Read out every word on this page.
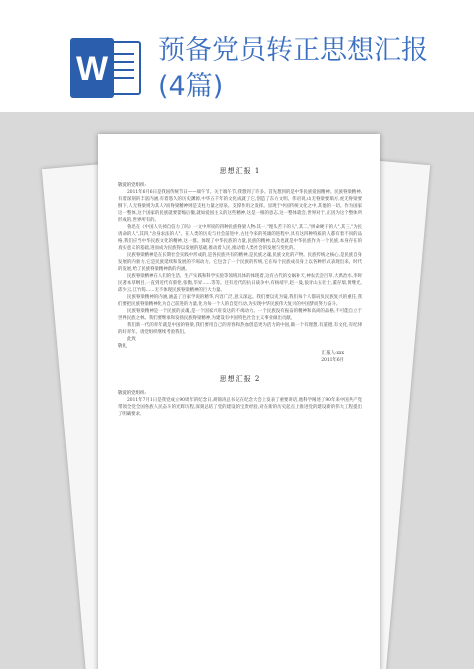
W 预备党员转正思想汇报
(4篇)
思想汇报 1
敬爱的党组织:

2011年6月6日是我国传统节日——端午节。关于端午节,我想到了许多。首先想到的是中华民族爱国精神。民族脊梁精神,有着深刻的丰富内涵,有着悠久的历史渊源,中华五千年的文化成就了它,创造了东方文明。伟语说,山无脊梁要塌方,虎无脊梁要倒下,人无脊梁则为其人?而脊梁精神则是支柱力量之原泉。支撑作用之发挥。显现于中国传统文化之中,其他的一切。作为国家这一整体,这个国家的民族就要萎缩后撤,就如爱国主义的这些精神,这是一根的意志,这一整体就会,世界对于,正因为这个整体所形成的,世界所有的。

鲁迅在《中国人失掉自信力了吗》一文中所说的四种民族脊梁人物:其一,"埋头苦干的人",其二,"拼命硬干的人",其三,"为民请命的人",其四,"舍身求法的人"。在人类的历史与社会前进中,古往今来的英雄的进程中,具有这四种特质的人都有着不同的品格,我们应当中华民族文化的精神,这一群。体现了中华民族的力量,民族的精神,以及也就是中华民族作为一个民族,本身存在的真实意义的基础,进而成为民族得以发展的基础,推动着人民,推动着人类社会的发展与变化的。

民族脊梁精神是在长期社会实践中形成的,是各民族共有的精神,是民族之魂,民族文化的产物。民族传统之核心,是民族自身发展的内驱力,它是民族延续和发展的不竭动力。它包含了一个民族的传统,它在每个民族成员身上以各种形式表现出来。时代的发展,给了民族脊梁精神新的内涵。

民族脊梁精神在人们的生活、生产实践和科学实验等领域具体的体现着,这有古代的女娲补天,神农氏尝百草,大禹治水,李时民著本草纲目,一直到近代有蔡伦,张衡,毕昇……等等。还有近代的抗日战争中,有杨靖宇,赵一曼,狼牙山五壮士,董存瑞,黄继光,邱少云,江竹筠……无不体现民族脊梁精神的巨大力量。

民族脊梁精神的内涵,涵盖了百家学说的精华,内容广泛,意义深远。我们要以史为镜,我们每个人都肩负民族复兴的重任,我们要把民族脊梁精神化为自己前进的力量,化为每一个人的自觉行动,为实现中华民族伟大复兴的中国梦而努力奋斗。

民族脊梁精神是一个民族的灵魂,是一个国家兴旺发达的不竭动力。一个民族没有振奋的精神和高尚的品格,不可能自立于世界民族之林。我们要继承和发扬民族脊梁精神,为建设有中国特色社会主义事业做出贡献。

我们新一代的青年就是中国的脊梁,我们要用自己的青春和热血创造更为活力的中国,做一个有理想,有道德,有文化,有纪律的好青年。请党组织继续考验我们。

此致

敬礼
汇报人:xxx
2011年6月
思想汇报 2
敬爱的党组织:

2011年7月1日是我党成立90周年的纪念日,胡锦涛总书记在纪念大会上发表了重要讲话,他科学阐述了90年来中国共产党带领全党全国各族人民奋斗的光辉历程,深刻总结了党的建设的宝贵经验,对在新的历史起点上推进党的建设新的伟大工程提出了明确要求,
